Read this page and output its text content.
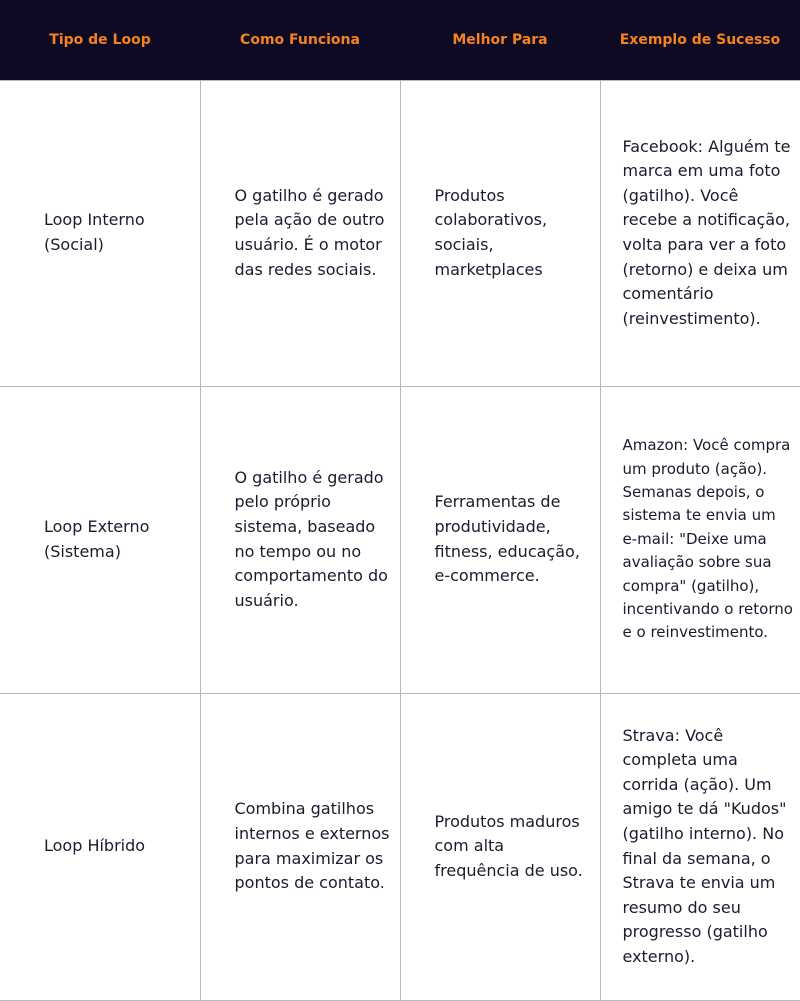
Tipo de Loop	Como Funciona	Melhor Para	Exemplo de Sucesso
Loop Interno (Social)	O gatilho é gerado pela ação de outro usuário. É o motor das redes sociais.	Produtos colaborativos, sociais, marketplaces	Facebook: Alguém te marca em uma foto (gatilho). Você recebe a notificação, volta para ver a foto (retorno) e deixa um comentário (reinvestimento).
Loop Externo (Sistema)	O gatilho é gerado pelo próprio sistema, baseado no tempo ou no comportamento do usuário.	Ferramentas de produtividade, fitness, educação, e-commerce.	Amazon: Você compra um produto (ação). Semanas depois, o sistema te envia um e-mail: "Deixe uma avaliação sobre sua compra" (gatilho), incentivando o retorno e o reinvestimento.
Loop Híbrido	Combina gatilhos internos e externos para maximizar os pontos de contato.	Produtos maduros com alta frequência de uso.	Strava: Você completa uma corrida (ação). Um amigo te dá "Kudos" (gatilho interno). No final da semana, o Strava te envia um resumo do seu progresso (gatilho externo).
